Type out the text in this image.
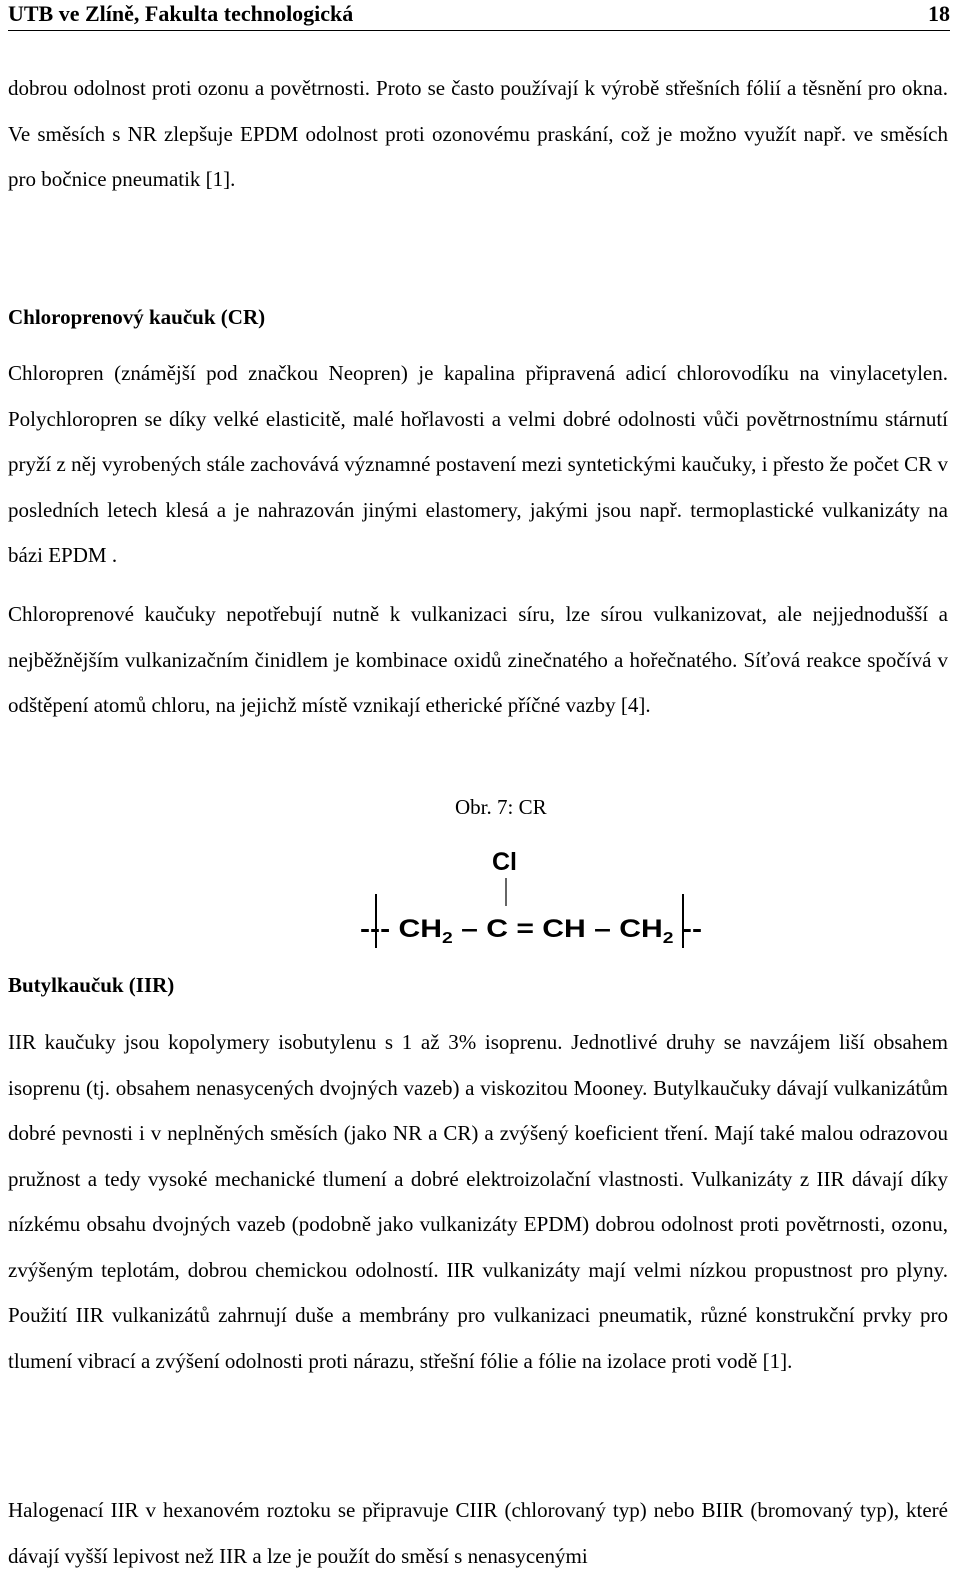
UTB ve Zlíně, Fakulta technologická	18
dobrou odolnost proti ozonu a povětrnosti. Proto se často používají k výrobě střešních fólií a těsnění pro okna. Ve směsích s NR zlepšuje EPDM odolnost proti ozonovému praskání, což je možno využít např. ve směsích pro bočnice pneumatik [1].
Chloroprenový kaučuk (CR)
Chloropren (známější pod značkou Neopren) je kapalina připravená adicí chlorovodíku na vinylacetylen. Polychloropren se díky velké elasticitě, malé hořlavosti a velmi dobré odolnosti vůči povětrnostnímu stárnutí pryží z něj vyrobených stále zachovává významné postavení mezi syntetickými kaučuky, i přesto že počet CR v posledních letech klesá a je nahrazován jinými elastomery, jakými jsou např. termoplastické vulkanizáty na bázi EPDM .
Chloroprenové kaučuky nepotřebují nutně k vulkanizaci síru, lze sírou vulkanizovat, ale nejjednodušší a nejběžnějším vulkanizačním činidlem je kombinace oxidů zinečnatého a hořečnatého. Síťová reakce spočívá v odštěpení atomů chloru, na jejichž místě vznikají etherické příčné vazby [4].
Obr. 7: CR
Cl
--- CH $_2$ – C = CH – CH $_2$ --
Butylkaučuk (IIR)
IIR kaučuky jsou kopolymery isobutylenu s 1 až 3% isoprenu. Jednotlivé druhy se navzájem liší obsahem isoprenu (tj. obsahem nenasycených dvojných vazeb) a viskozitou Mooney. Butylkaučuky dávají vulkanizátům dobré pevnosti i v neplněných směsích (jako NR a CR) a zvýšený koeficient tření. Mají také malou odrazovou pružnost a tedy vysoké mechanické tlumení a dobré elektroizolační vlastnosti. Vulkanizáty z IIR dávají díky nízkému obsahu dvojných vazeb (podobně jako vulkanizáty EPDM) dobrou odolnost proti povětrnosti, ozonu, zvýšeným teplotám, dobrou chemickou odolností. IIR vulkanizáty mají velmi nízkou propustnost pro plyny. Použití IIR vulkanizátů zahrnují duše a membrány pro vulkanizaci pneumatik, různé konstrukční prvky pro tlumení vibrací a zvýšení odolnosti proti nárazu, střešní fólie a fólie na izolace proti vodě [1].
Halogenací IIR v hexanovém roztoku se připravuje CIIR (chlorovaný typ) nebo BIIR (bromovaný typ), které dávají vyšší lepivost než IIR a lze je použít do směsí s nenasycenými
